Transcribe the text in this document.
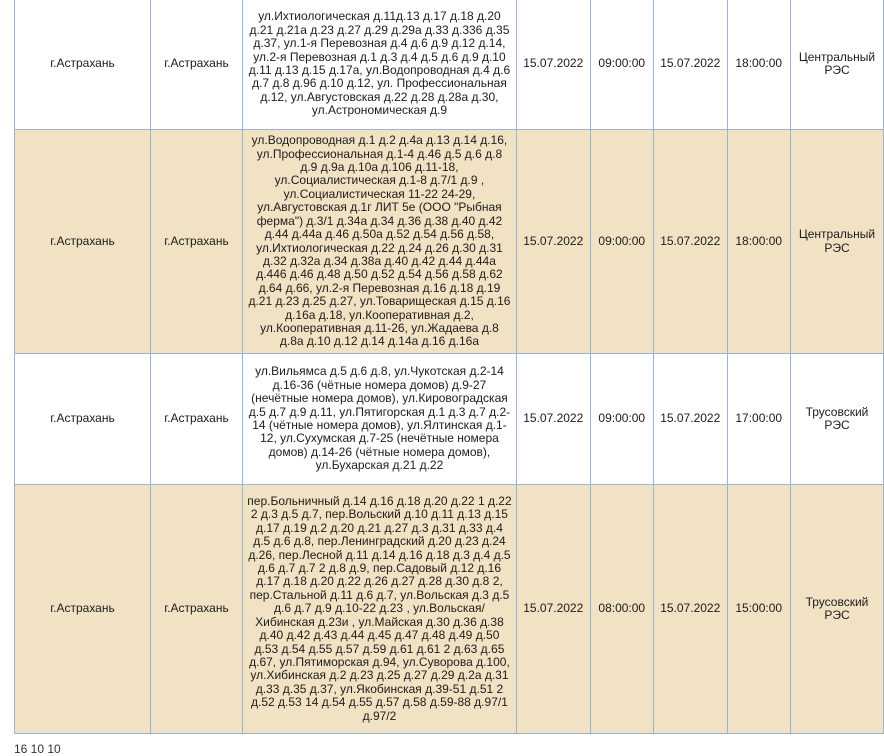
г.Астрахань	г.Астрахань	ул.Ихтиологическая д.11д.13 д.17 д.18 д.20 д.21 д.21а д.23 д.27 д.29 д.29а д.33 д.336 д.35 д.37, ул.1-я Перевозная д.4 д.6 д.9 д.12 д.14, ул.2-я Перевозная д.1 д.3 д.4 д.5 д.6 д.9 д.10 д.11 д.13 д.15 д.17а, ул.Водопроводная д.4 д.6 д.7 д.8 д.96 д.10 д.12, ул. Профессиональная д.12, ул.Августовская д.22 д.28 д.28а д.30, ул.Астрономическая д.9	15.07.2022	09:00:00	15.07.2022	18:00:00	Центральный РЭС
г.Астрахань	г.Астрахань	ул.Водопроводная д.1 д.2 д.4а д.13 д.14 д.16, ул.Профессиональная д.1-4 д.46 д.5 д.6 д.8 д.9 д.9а д.10а д.106 д.11-18, ул.Социалистическая д.1-8 д.7/1 д.9 , ул.Социалистическая 11-22 24-29, ул.Августовская д.1г ЛИТ 5е (ООО "Рыбная ферма") д.3/1 д.34а д.34 д.36 д.38 д.40 д.42 д.44 д.44а д.46 д.50а д.52 д.54 д.56 д.58, ул.Ихтиологическая д.22 д.24 д.26 д.30 д.31 д.32 д.32а д.34 д.38а д.40 д.42 д.44 д.44а д.446 д.46 д.48 д.50 д.52 д.54 д.56 д.58 д.62 д.64 д.66, ул.2-я Перевозная д.16 д.18 д.19 д.21 д.23 д.25 д.27, ул.Товарищеская д.15 д.16 д.16а д.18, ул.Кооперативная д.2, ул.Кооперативная д.11-26, ул.Жадаева д.8 д.8а д.10 д.12 д.14 д.14а д.16 д.16а	15.07.2022	09:00:00	15.07.2022	18:00:00	Центральный РЭС
г.Астрахань	г.Астрахань	ул.Вильямса д.5 д.6 д.8, ул.Чукотская д.2-14 д.16-36 (чётные номера домов) д.9-27 (нечётные номера домов), ул.Кировоградская д.5 д.7 д.9 д.11, ул.Пятигорская д.1 д.3 д.7 д.2-14 (чётные номера домов), ул.Ялтинская д.1-12, ул.Сухумская д.7-25 (нечётные номера домов) д.14-26 (чётные номера домов), ул.Бухарская д.21 д.22	15.07.2022	09:00:00	15.07.2022	17:00:00	Трусовский РЭС
г.Астрахань	г.Астрахань	пер.Больничный д.14 д.16 д.18 д.20 д.22 1 д.22 2 д.3 д.5 д.7, пер.Вольский д.10 д.11 д.13 д.15 д.17 д.19 д.2 д.20 д.21 д.27 д.3 д.31 д.33 д.4 д.5 д.6 д.8, пер.Ленинградский д.20 д.23 д.24 д.26, пер.Лесной д.11 д.14 д.16 д.18 д.3 д.4 д.5 д.6 д.7 д.7 2 д.8 д.9, пер.Садовый д.12 д.16 д.17 д.18 д.20 д.22 д.26 д.27 д.28 д.30 д.8 2, пер.Стальной д.11 д.6 д.7, ул.Вольская д.3 д.5 д.6 д.7 д.9 д.10-22 д.23 , ул.Вольская/Хибинская д.23и , ул.Майская д.30 д.36 д.38 д.40 д.42 д.43 д.44 д.45 д.47 д.48 д.49 д.50 д.53 д.54 д.55 д.57 д.59 д.61 д.61 2 д.63 д.65 д.67, ул.Пятиморская д.94, ул.Суворова д.100, ул.Хибинская д.2 д.23 д.25 д.27 д.29 д.2а д.31 д.33 д.35 д.37, ул.Якобинская д.39-51 д.51 2 д.52 д.53 14 д.54 д.55 д.57 д.58 д.59-88 д.97/1 д.97/2	15.07.2022	08:00:00	15.07.2022	15:00:00	Трусовский РЭС
16 10 10
